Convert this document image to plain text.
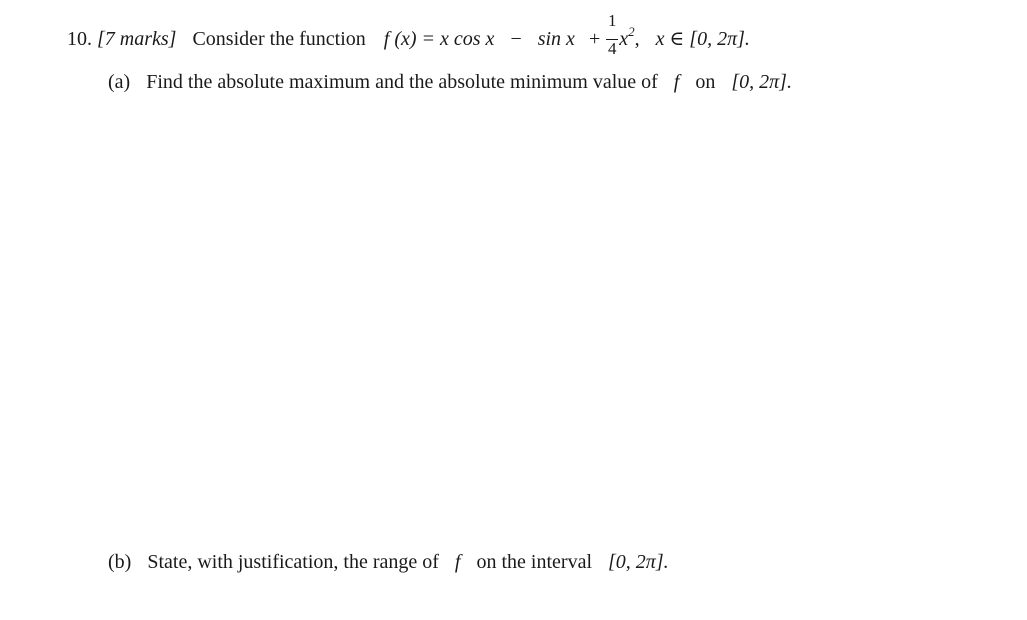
10. [7 marks] Consider the function f (x) = x $\cos x - \sin x + \frac{1}{4} x^2$, x ∈ [0, 2π].
(a) Find the absolute maximum and the absolute minimum value of f on [0, 2π].
(b) State, with justification, the range of f on the interval [0, 2π].
